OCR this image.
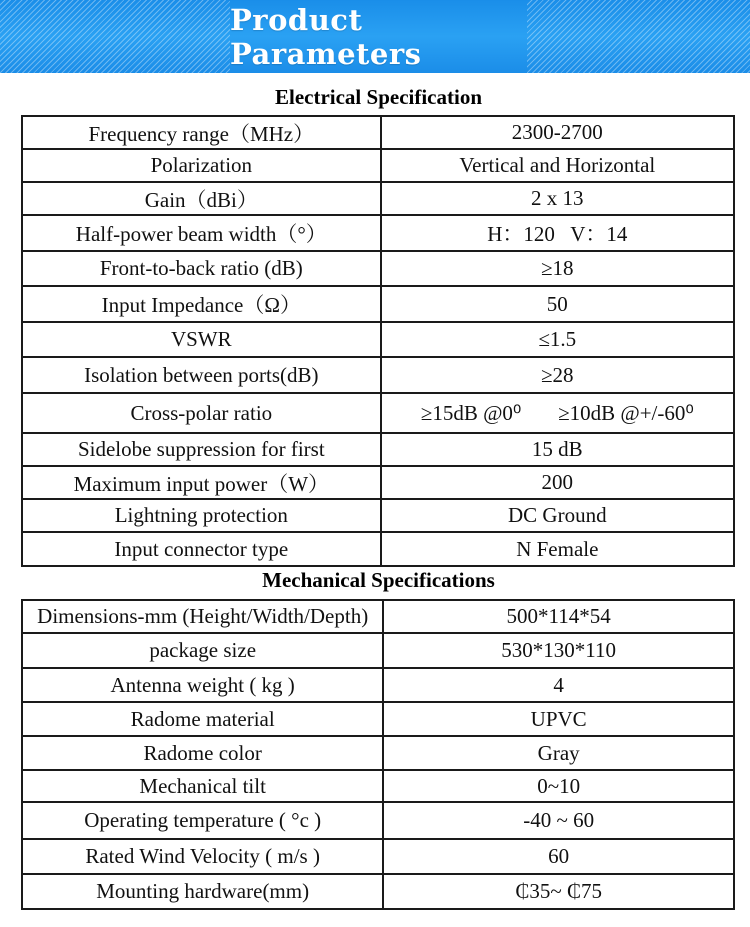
Product Parameters
Electrical Specification
Frequency range（MHz）	2300-2700
Polarization	Vertical and Horizontal
Gain（dBi）	2 x 13
Half-power beam width（°）	H：120   V：14
Front-to-back ratio (dB)	≥18
Input Impedance（Ω）	50
VSWR	≤1.5
Isolation between ports(dB)	≥28
Cross-polar ratio	≥15dB @0⁰       ≥10dB @+/-60⁰
Sidelobe suppression for first	15 dB
Maximum input power（W）	200
Lightning protection	DC Ground
Input connector type	N Female
Mechanical Specifications
Dimensions-mm (Height/Width/Depth)	500*114*54
package size	530*130*110
Antenna weight ( kg )	4
Radome material	UPVC
Radome color	Gray
Mechanical tilt	0~10
Operating temperature ( °c )	-40 ~ 60
Rated Wind Velocity ( m/s )	60
Mounting hardware(mm)	₵35~ ₵75
